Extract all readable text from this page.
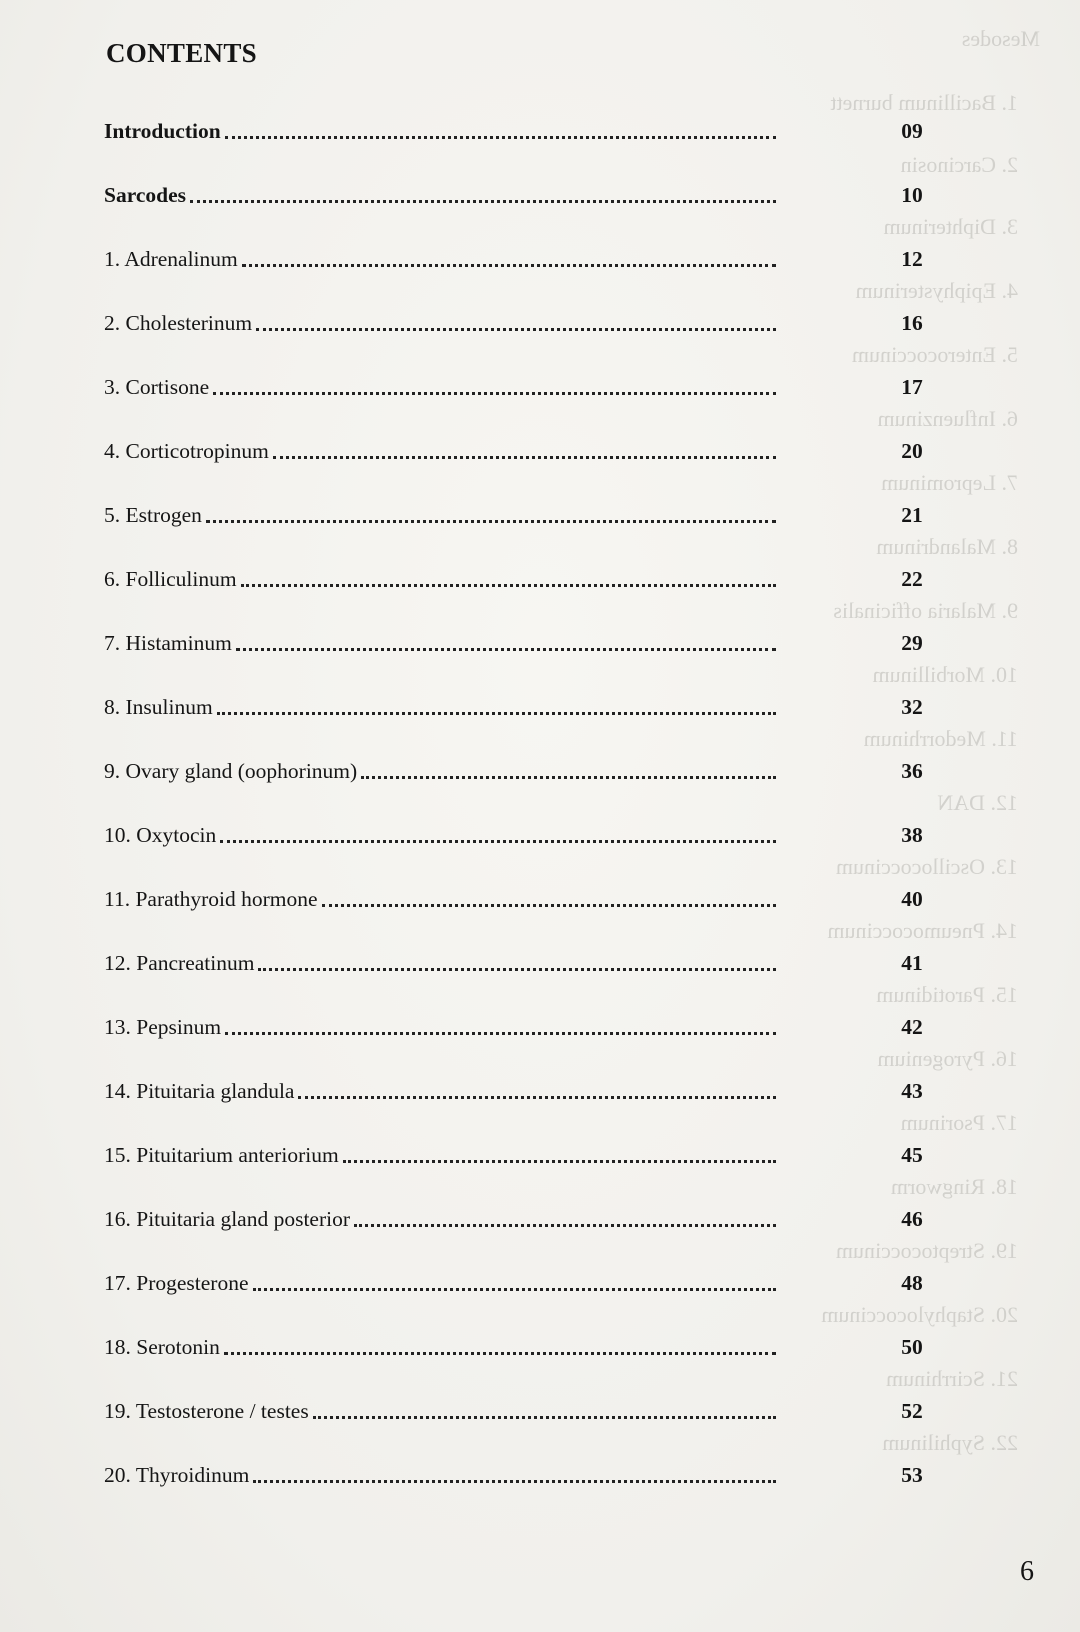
Mesodes
1. Bacillinum burnett
2. Carcinosin
3. Diphterinum
4. Epiphysterinum
5. Enterococcinum
6. Influenzinum
7. Leprominum
8. Malandrinum
9. Malaria officinalis
10. Morbillinum
11. Medorrhinum
12. DAN
13. Oscillococcinum
14. Pneumococcinum
15. Parotidinum
16. Pyrogenium
17. Psorinum
18. Ringworm
19. Streptococcinum
20. Staphylococcinum
21. Scirrhinum
22. Syphilinum
CONTENTS
Introduction	09
Sarcodes	10
1. Adrenalinum	12
2. Cholesterinum	16
3. Cortisone	17
4. Corticotropinum	20
5. Estrogen	21
6. Folliculinum	22
7. Histaminum	29
8. Insulinum	32
9. Ovary gland (oophorinum)	36
10. Oxytocin	38
11. Parathyroid hormone	40
12. Pancreatinum	41
13. Pepsinum	42
14. Pituitaria glandula	43
15. Pituitarium anteriorium	45
16. Pituitaria gland posterior	46
17. Progesterone	48
18. Serotonin	50
19. Testosterone / testes	52
20. Thyroidinum	53
6
